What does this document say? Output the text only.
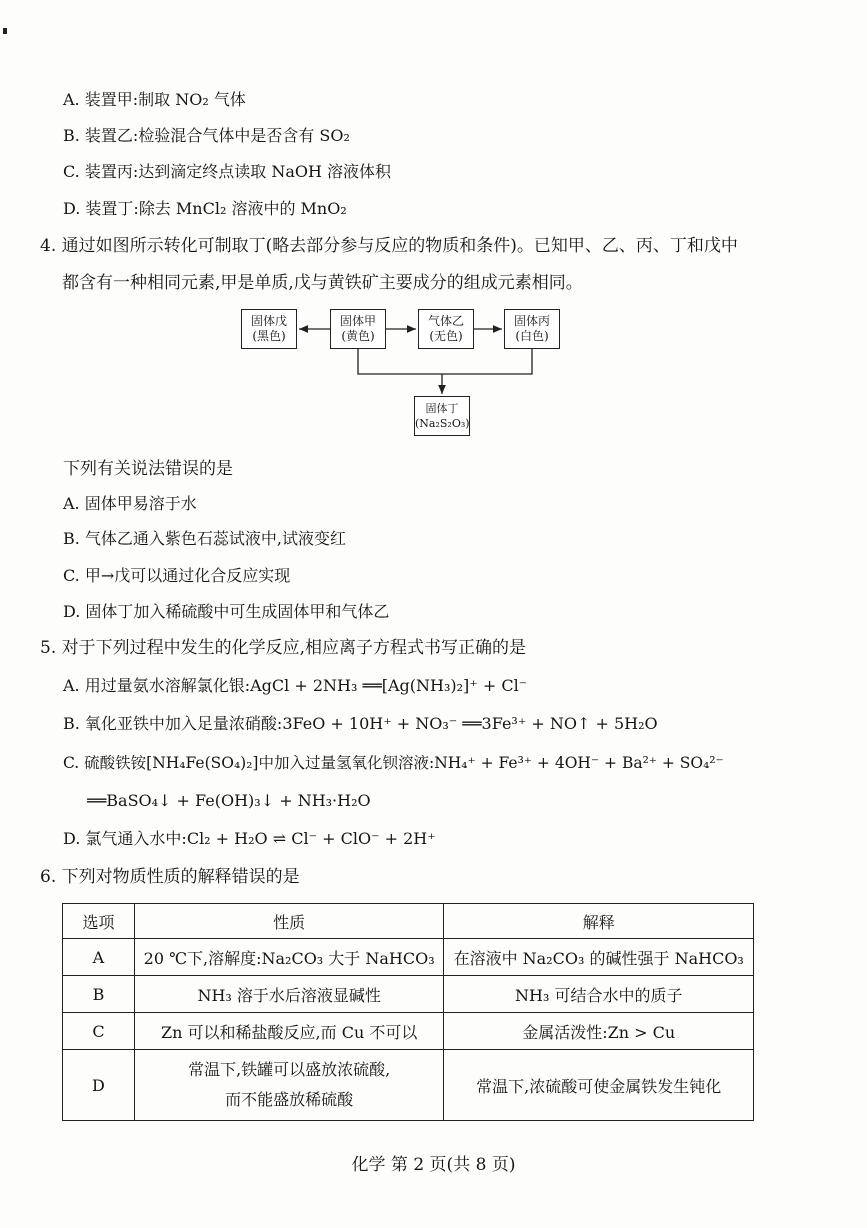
A. 装置甲:制取 NO₂ 气体
B. 装置乙:检验混合气体中是否含有 SO₂
C. 装置丙:达到滴定终点读取 NaOH 溶液体积
D. 装置丁:除去 MnCl₂ 溶液中的 MnO₂
4. 通过如图所示转化可制取丁(略去部分参与反应的物质和条件)。已知甲、乙、丙、丁和戊中
都含有一种相同元素,甲是单质,戊与黄铁矿主要成分的组成元素相同。
固体戊
(黑色)
固体甲
(黄色)
气体乙
(无色)
固体丙
(白色)
固体丁
(Na₂S₂O₃)
下列有关说法错误的是
A. 固体甲易溶于水
B. 气体乙通入紫色石蕊试液中,试液变红
C. 甲→戊可以通过化合反应实现
D. 固体丁加入稀硫酸中可生成固体甲和气体乙
5. 对于下列过程中发生的化学反应,相应离子方程式书写正确的是
A. 用过量氨水溶解氯化银:AgCl + 2NH₃ ══[Ag(NH₃)₂]⁺ + Cl⁻
B. 氧化亚铁中加入足量浓硝酸:3FeO + 10H⁺ + NO₃⁻ ══3Fe³⁺ + NO↑ + 5H₂O
C. 硫酸铁铵[NH₄Fe(SO₄)₂]中加入过量氢氧化钡溶液:NH₄⁺ + Fe³⁺ + 4OH⁻ + Ba²⁺ + SO₄²⁻
══BaSO₄↓ + Fe(OH)₃↓ + NH₃·H₂O
D. 氯气通入水中:Cl₂ + H₂O ⇌ Cl⁻ + ClO⁻ + 2H⁺
6. 下列对物质性质的解释错误的是
选项	性质	解释
A	20 ℃下,溶解度:Na₂CO₃ 大于 NaHCO₃	在溶液中 Na₂CO₃ 的碱性强于 NaHCO₃
B	NH₃ 溶于水后溶液显碱性	NH₃ 可结合水中的质子
C	Zn 可以和稀盐酸反应,而 Cu 不可以	金属活泼性:Zn > Cu
D	常温下,铁罐可以盛放浓硫酸,
而不能盛放稀硫酸	常温下,浓硫酸可使金属铁发生钝化
化学 第 2 页(共 8 页)
